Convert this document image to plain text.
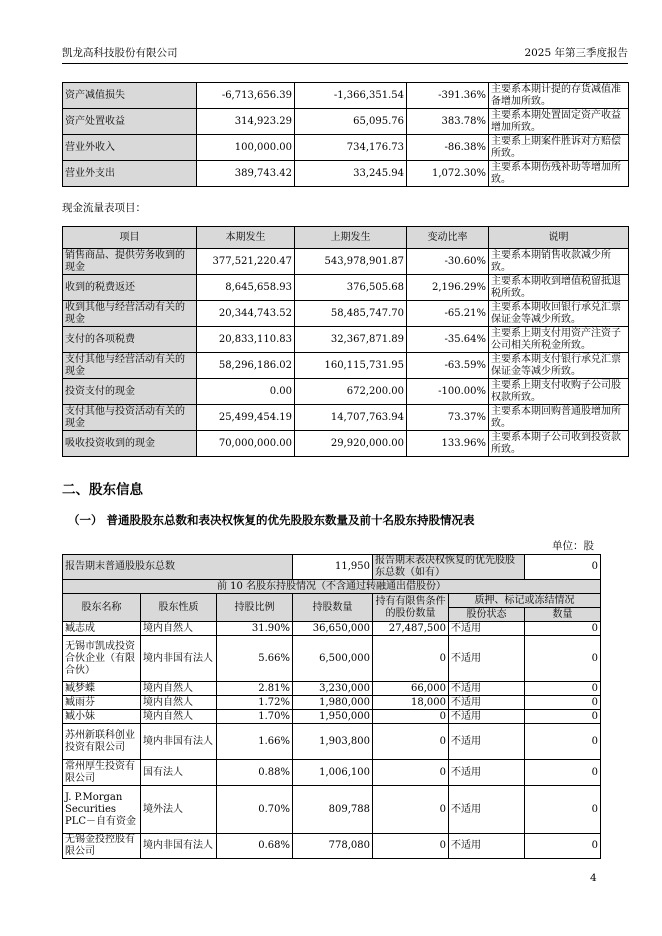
凯龙高科技股份有限公司	2025 年第三季度报告
资产减值损失	-6,713,656.39	-1,366,351.54	-391.36%	主要系本期计提的存货减值准备增加所致。
资产处置收益	314,923.29	65,095.76	383.78%	主要系本期处置固定资产收益增加所致。
营业外收入	100,000.00	734,176.73	-86.38%	主要系上期案件胜诉对方赔偿所致。
营业外支出	389,743.42	33,245.94	1,072.30%	主要系本期伤残补助等增加所致。
现金流量表项目：
项目	本期发生	上期发生	变动比率	说明
销售商品、提供劳务收到的现金	377,521,220.47	543,978,901.87	-30.60%	主要系本期销售收款减少所致。
收到的税费返还	8,645,658.93	376,505.68	2,196.29%	主要系本期收到增值税留抵退税所致。
收到其他与经营活动有关的现金	20,344,743.52	58,485,747.70	-65.21%	主要系本期收回银行承兑汇票保证金等减少所致。
支付的各项税费	20,833,110.83	32,367,871.89	-35.64%	主要系上期支付用资产注资子公司相关所税金所致。
支付其他与经营活动有关的现金	58,296,186.02	160,115,731.95	-63.59%	主要系本期支付银行承兑汇票保证金等减少所致。
投资支付的现金	0.00	672,200.00	-100.00%	主要系上期支付收购子公司股权款所致。
支付其他与投资活动有关的现金	25,499,454.19	14,707,763.94	73.37%	主要系本期回购普通股增加所致。
吸收投资收到的现金	70,000,000.00	29,920,000.00	133.96%	主要系本期子公司收到投资款所致。
二、股东信息
（一） 普通股股东总数和表决权恢复的优先股股东数量及前十名股东持股情况表
单位：股
报告期末普通股股东总数			11,950	报告期末表决权恢复的优先股股东总数（如有）		0
前 10 名股东持股情况（不含通过转融通出借股份）						
股东名称	股东性质	持股比例	持股数量	持有有限售条件的股份数量	质押、标记或冻结情况	
					股份状态	数量
臧志成	境内自然人	31.90%	36,650,000	27,487,500	不适用	0
无锡市凯成投资合伙企业（有限合伙）	境内非国有法人	5.66%	6,500,000	0	不适用	0
臧梦蝶	境内自然人	2.81%	3,230,000	66,000	不适用	0
臧雨芬	境内自然人	1.72%	1,980,000	18,000	不适用	0
臧小妹	境内自然人	1.70%	1,950,000	0	不适用	0
苏州新联科创业投资有限公司	境内非国有法人	1.66%	1,903,800	0	不适用	0
常州厚生投资有限公司	国有法人	0.88%	1,006,100	0	不适用	0
J. P.Morgan Securities PLC－自有资金	境外法人	0.70%	809,788	0	不适用	0
无锡金投控股有限公司	境内非国有法人	0.68%	778,080	0	不适用	0
4
